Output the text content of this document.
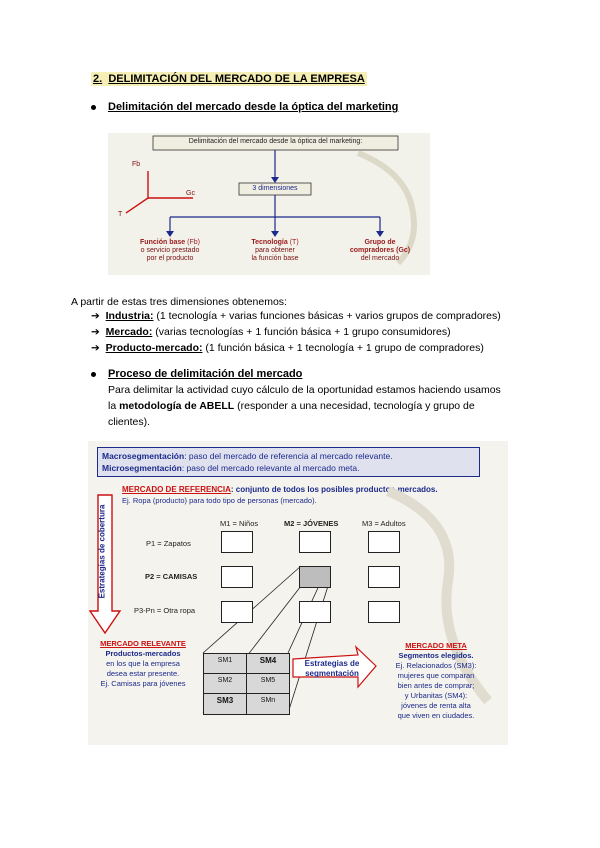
2. DELIMITACIÓN DEL MERCADO DE LA EMPRESA
Delimitación del mercado desde la óptica del marketing
Delimitación del mercado desde la óptica del marketing:
3 dimensiones
Fb
Gc
T
Función base (Fb)
o servicio prestado
por el producto
Tecnología (T)
para obtener
la función base
Grupo de
compradores (Gc)
del mercado
A partir de estas tres dimensiones obtenemos:
➔  Industria: (1 tecnología + varias funciones básicas + varios grupos de compradores)
➔  Mercado: (varias tecnologías + 1 función básica + 1 grupo consumidores)
➔  Producto-mercado: (1 función básica + 1 tecnología + 1 grupo de compradores)
Proceso de delimitación del mercado
Para delimitar la actividad cuyo cálculo de la oportunidad estamos haciendo usamos
la metodología de ABELL (responder a una necesidad, tecnología y grupo de
clientes).
Macrosegmentación: paso del mercado de referencia al mercado relevante.
Microsegmentación: paso del mercado relevante al mercado meta.
MERCADO DE REFERENCIA: conjunto de todos los posibles productos-mercados.
Ej. Ropa (producto) para todo tipo de personas (mercado).
Estrategias de cobertura	M1 = Niños	M2 = JÓVENES	M3 = Adultos
P1 = Zapatos
P2 = CAMISAS
P3-Pn = Otra ropa
MERCADO RELEVANTE
Productos-mercados
en los que la empresa
desea estar presente.
Ej. Camisas para jóvenes
SM1	SM4
SM2	SM5
SM3	SMn
Estrategias de
segmentación
MERCADO META
Segmentos elegidos.
Ej. Relacionados (SM3):
mujeres que comparan
bien antes de comprar;
y Urbanitas (SM4):
jóvenes de renta alta
que viven en ciudades.
